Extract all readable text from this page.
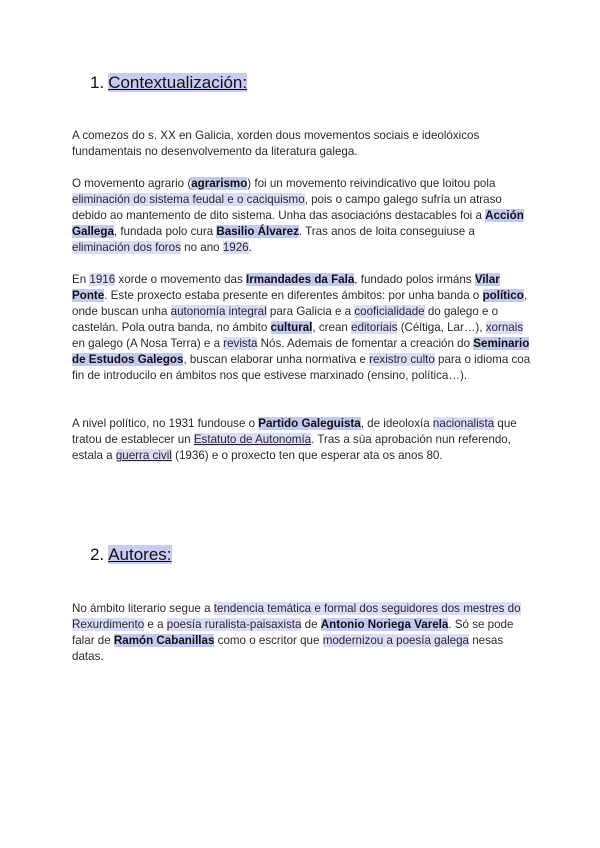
1. Contextualización:

A comezos do s. XX en Galicia, xorden dous movementos sociais e ideolóxicos fundamentais no desenvolvemento da literatura galega.

O movemento agrario (agrarismo) foi un movemento reivindicativo que loitou pola eliminación do sistema feudal e o caciquismo, pois o campo galego sufría un atraso debido ao mantemento de dito sistema. Unha das asociacións destacables foi a Acción Gallega, fundada polo cura Basilio Álvarez. Tras anos de loita conseguiuse a eliminación dos foros no ano 1926.

En 1916 xorde o movemento das Irmandades da Fala, fundado polos irmáns Vilar Ponte. Este proxecto estaba presente en diferentes ámbitos: por unha banda o político, onde buscan unha autonomía integral para Galicia e a cooficialidade do galego e o castelán. Pola outra banda, no ámbito cultural, crean editoriais (Céltiga, Lar…), xornais en galego (A Nosa Terra) e a revista Nós. Ademais de fomentar a creación do Seminario de Estudos Galegos, buscan elaborar unha normativa e rexistro culto para o idioma coa fin de introducilo en ámbitos nos que estivese marxinado (ensino, política…).

A nivel político, no 1931 fundouse o Partido Galeguista, de ideoloxía nacionalista que tratou de establecer un Estatuto de Autonomía. Tras a súa aprobación nun referendo, estala a guerra civil (1936) e o proxecto ten que esperar ata os anos 80.

2. Autores:

No ámbito literario segue a tendencia temática e formal dos seguidores dos mestres do Rexurdimento e a poesía ruralista-paisaxista de Antonio Noriega Varela. Só se pode falar de Ramón Cabanillas como o escritor que modernizou a poesía galega nesas datas.
